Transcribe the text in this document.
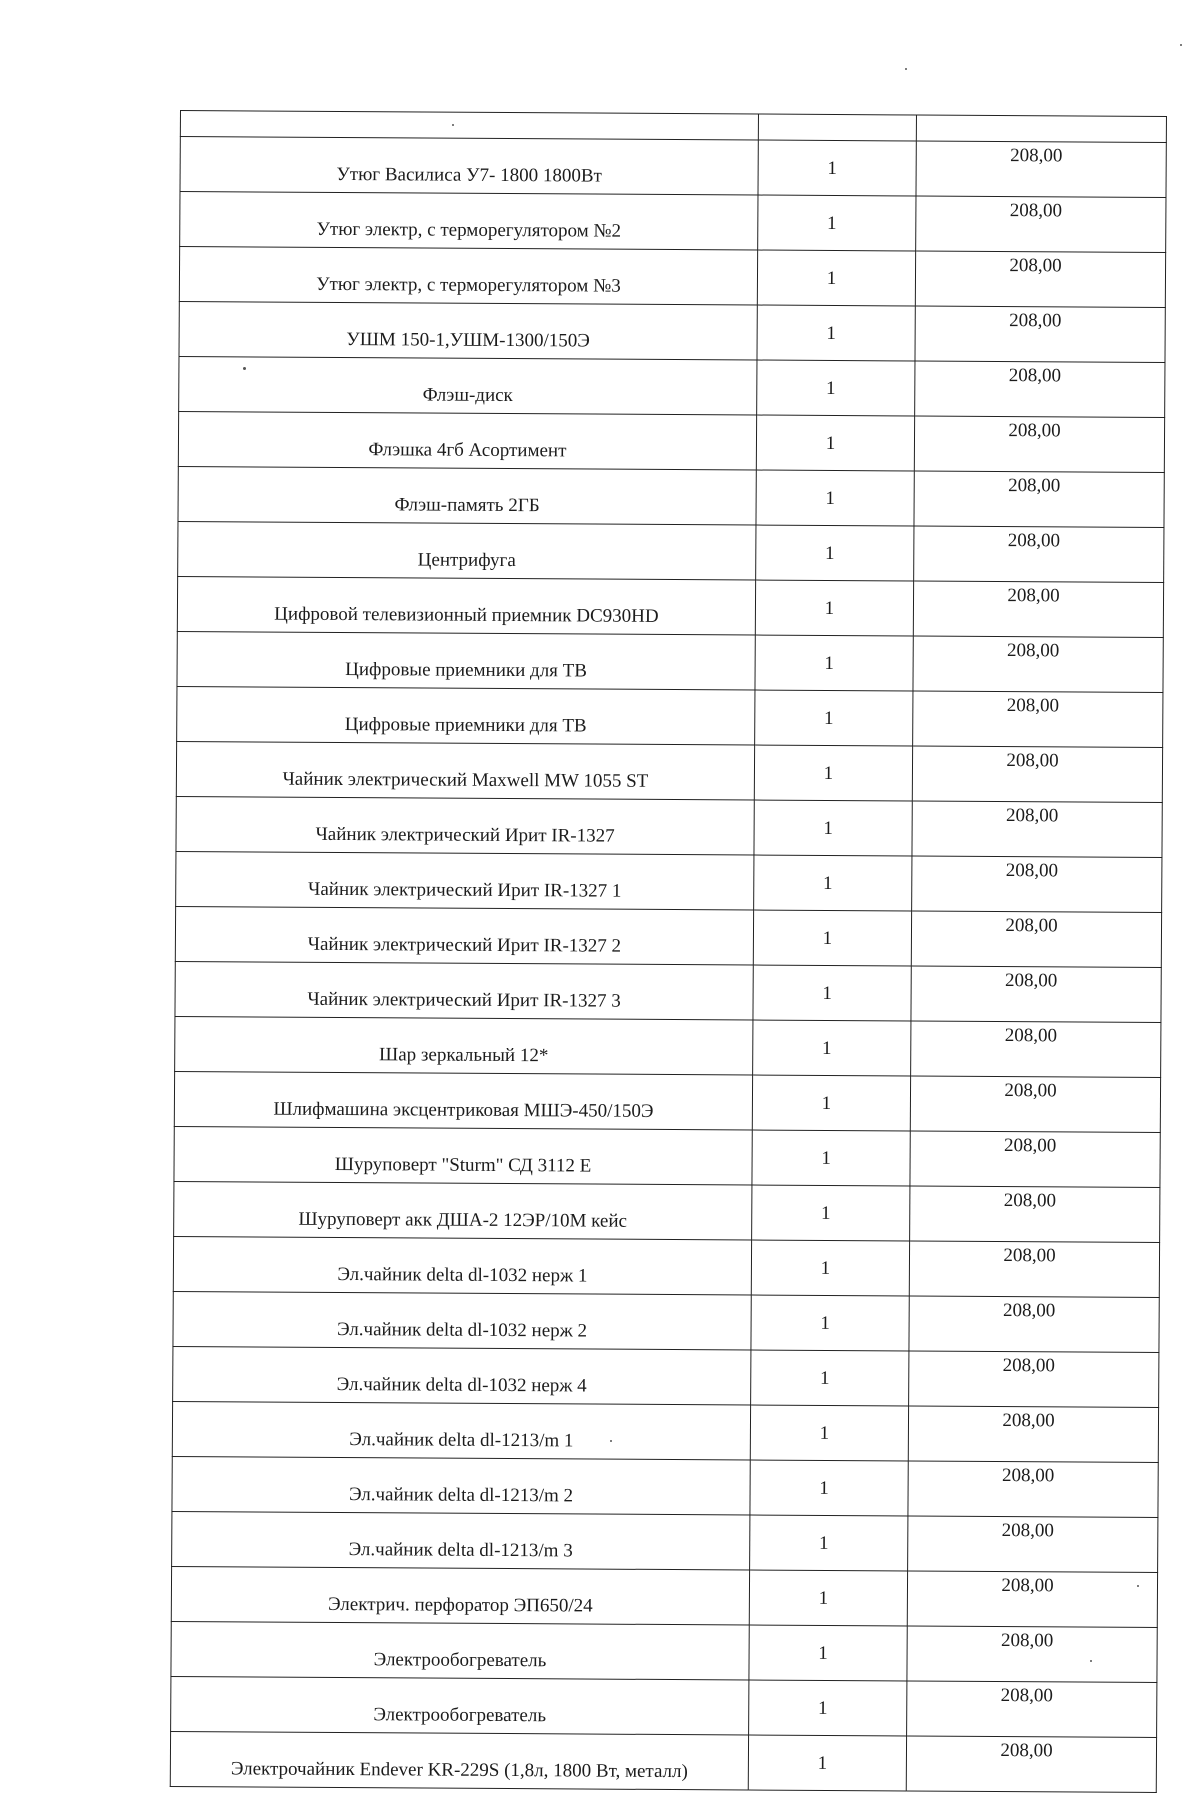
Утюг Василиса У7- 1800 1800Вт	1	208,00
Утюг электр, с терморегулятором №2	1	208,00
Утюг электр, с терморегулятором №3	1	208,00
УШМ 150-1,УШМ-1300/150Э	1	208,00
Флэш-диск	1	208,00
Флэшка 4гб Асортимент	1	208,00
Флэш-память 2ГБ	1	208,00
Центрифуга	1	208,00
Цифровой телевизионный приемник DC930HD	1	208,00
Цифровые приемники для ТВ	1	208,00
Цифровые приемники для ТВ	1	208,00
Чайник электрический Maxwell MW 1055 ST	1	208,00
Чайник электрический Ирит IR-1327	1	208,00
Чайник электрический Ирит IR-1327 1	1	208,00
Чайник электрический Ирит IR-1327 2	1	208,00
Чайник электрический Ирит IR-1327 3	1	208,00
Шар зеркальный 12*	1	208,00
Шлифмашина эксцентриковая МШЭ-450/150Э	1	208,00
Шуруповерт "Sturm" СД 3112 Е	1	208,00
Шуруповерт акк ДША-2 12ЭР/10М кейс	1	208,00
Эл.чайник delta dl-1032 нерж 1	1	208,00
Эл.чайник delta dl-1032 нерж 2	1	208,00
Эл.чайник delta dl-1032 нерж 4	1	208,00
Эл.чайник delta dl-1213/m 1	1	208,00
Эл.чайник delta dl-1213/m 2	1	208,00
Эл.чайник delta dl-1213/m 3	1	208,00
Электрич. перфоратор ЭП650/24	1	208,00
Электрообогреватель	1	208,00
Электрообогреватель	1	208,00
Электрочайник Endever KR-229S (1,8л, 1800 Вт, металл)	1	208,00
